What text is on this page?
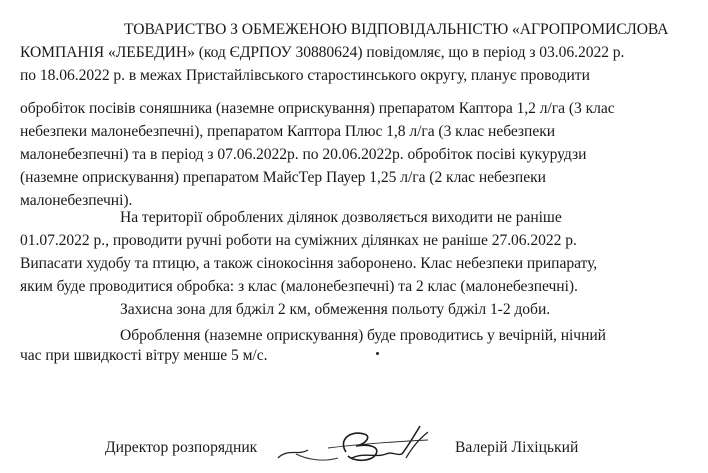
ТОВАРИСТВО З ОБМЕЖЕНОЮ ВІДПОВІДАЛЬНІСТЮ «АГРОПРОМИСЛОВА
КОМПАНІЯ «ЛЕБЕДИН» (код ЄДРПОУ 30880624) повідомляє, що в період з 03.06.2022 р.
по 18.06.2022 р. в межах Пристайлівського старостинського округу, планує проводити
обробіток посівів соняшника (наземне оприскування) препаратом Каптора 1,2 л/га (3 клас
небезпеки малонебезпечні), препаратом Каптора Плюс 1,8 л/га (3 клас небезпеки
малонебезпечні) та в період з 07.06.2022р. по 20.06.2022р. обробіток посіві кукурудзи
(наземне оприскування) препаратом МайсТер Пауер 1,25 л/га (2 клас небезпеки
малонебезпечні).
На території оброблених ділянок дозволяється виходити не раніше
01.07.2022 р., проводити ручні роботи на суміжних ділянках не раніше 27.06.2022 р.
Випасати худобу та птицю, а також сінокосіння заборонено. Клас небезпеки припарату,
яким буде проводитися обробка: з клас (малонебезпечні) та 2 клас (малонебезпечні).
Захисна зона для бджіл 2 км, обмеження польоту бджіл 1-2 доби.
Оброблення (наземне оприскування) буде проводитись у вечірній, нічний
час при швидкості вітру менше 5 м/с.
Директор розпорядник	Валерій Ліхіцький
